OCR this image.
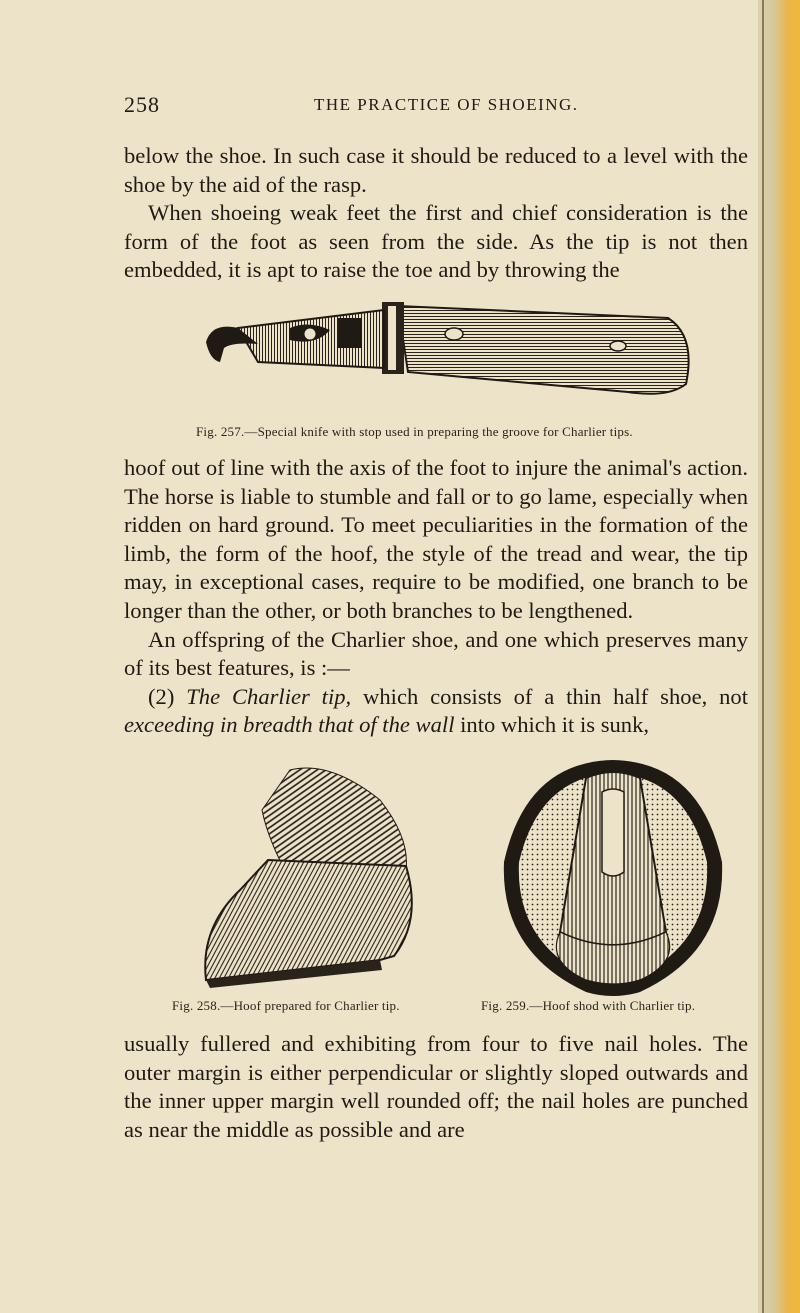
258	THE PRACTICE OF SHOEING.

below the shoe. In such case it should be reduced to a level with the shoe by the aid of the rasp.

When shoeing weak feet the first and chief consideration is the form of the foot as seen from the side. As the tip is not then embedded, it is apt to raise the toe and by throwing the

Fig. 257.—Special knife with stop used in preparing the groove for Charlier tips.

hoof out of line with the axis of the foot to injure the animal's action. The horse is liable to stumble and fall or to go lame, especially when ridden on hard ground. To meet peculiarities in the formation of the limb, the form of the hoof, the style of the tread and wear, the tip may, in exceptional cases, require to be modified, one branch to be longer than the other, or both branches to be lengthened.

An offspring of the Charlier shoe, and one which preserves many of its best features, is :—

(2) The Charlier tip, which consists of a thin half shoe, not exceeding in breadth that of the wall into which it is sunk,

Fig. 258.—Hoof prepared for Charlier tip.	Fig. 259.—Hoof shod with Charlier tip.

usually fullered and exhibiting from four to five nail holes. The outer margin is either perpendicular or slightly sloped outwards and the inner upper margin well rounded off; the nail holes are punched as near the middle as possible and are
